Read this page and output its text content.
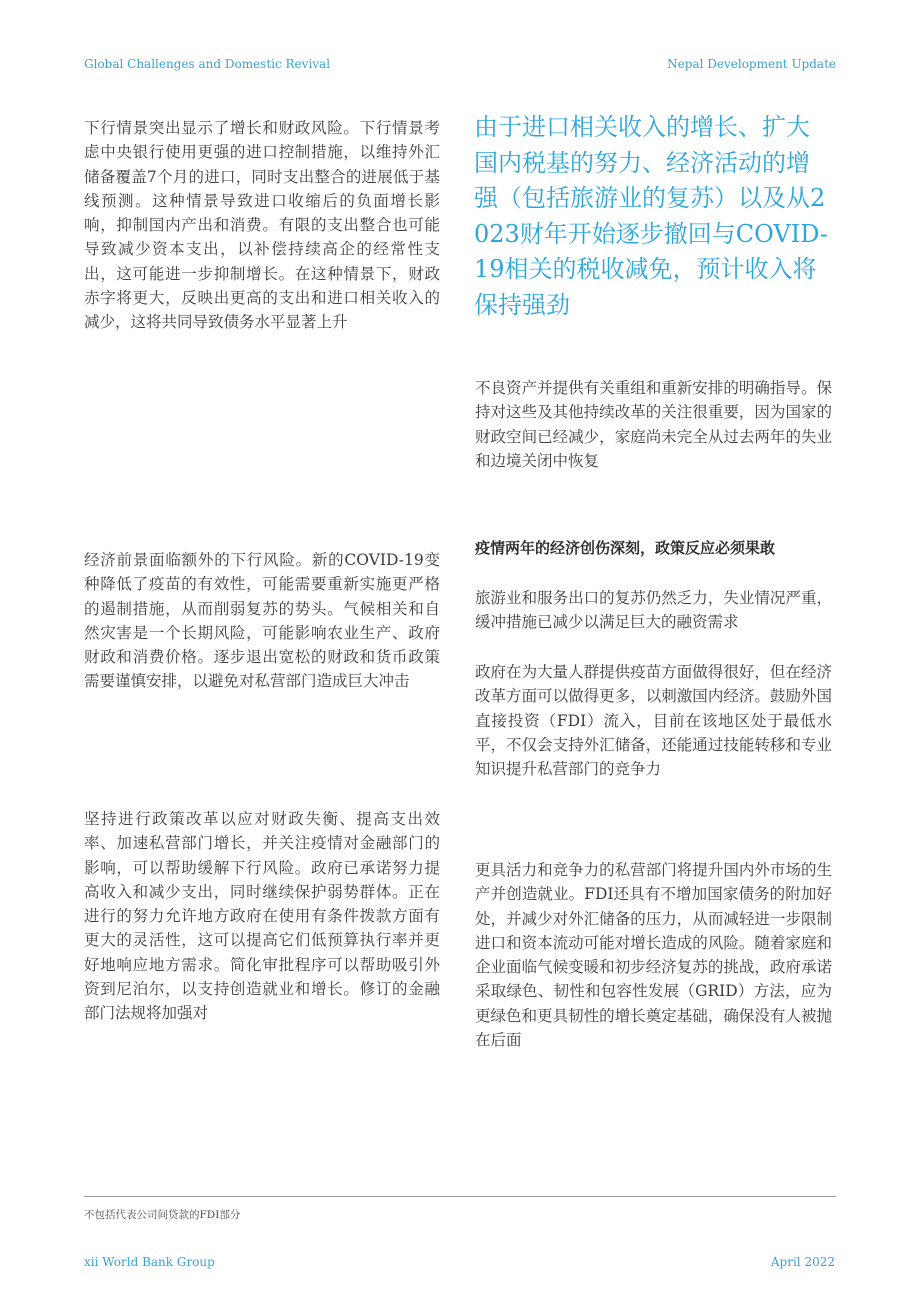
Global Challenges and Domestic Revival	Nepal Development Update

下行情景突出显示了增长和财政风险。下行情景考虑中央银行使用更强的进口控制措施，以维持外汇储备覆盖7个月的进口，同时支出整合的进展低于基线预测。这种情景导致进口收缩后的负面增长影响，抑制国内产出和消费。有限的支出整合也可能导致减少资本支出，以补偿持续高企的经常性支出，这可能进一步抑制增长。在这种情景下，财政赤字将更大，反映出更高的支出和进口相关收入的减少，这将共同导致债务水平显著上升

经济前景面临额外的下行风险。新的COVID-19变种降低了疫苗的有效性，可能需要重新实施更严格的遏制措施，从而削弱复苏的势头。气候相关和自然灾害是一个长期风险，可能影响农业生产、政府财政和消费价格。逐步退出宽松的财政和货币政策需要谨慎安排，以避免对私营部门造成巨大冲击

坚持进行政策改革以应对财政失衡、提高支出效率、加速私营部门增长，并关注疫情对金融部门的影响，可以帮助缓解下行风险。政府已承诺努力提高收入和减少支出，同时继续保护弱势群体。正在进行的努力允许地方政府在使用有条件拨款方面有更大的灵活性，这可以提高它们低预算执行率并更好地响应地方需求。简化审批程序可以帮助吸引外资到尼泊尔，以支持创造就业和增长。修订的金融部门法规将加强对

由于进口相关收入的增长、扩大国内税基的努力、经济活动的增强（包括旅游业的复苏）以及从2023财年开始逐步撤回与COVID-19相关的税收减免，预计收入将保持强劲

不良资产并提供有关重组和重新安排的明确指导。保持对这些及其他持续改革的关注很重要，因为国家的财政空间已经减少，家庭尚未完全从过去两年的失业和边境关闭中恢复

疫情两年的经济创伤深刻，政策反应必须果敢

旅游业和服务出口的复苏仍然乏力，失业情况严重，缓冲措施已减少以满足巨大的融资需求

政府在为大量人群提供疫苗方面做得很好，但在经济改革方面可以做得更多，以刺激国内经济。鼓励外国直接投资（FDI）流入，目前在该地区处于最低水平，不仅会支持外汇储备，还能通过技能转移和专业知识提升私营部门的竞争力

更具活力和竞争力的私营部门将提升国内外市场的生产并创造就业。FDI还具有不增加国家债务的附加好处，并减少对外汇储备的压力，从而减轻进一步限制进口和资本流动可能对增长造成的风险。随着家庭和企业面临气候变暖和初步经济复苏的挑战，政府承诺采取绿色、韧性和包容性发展（GRID）方法，应为更绿色和更具韧性的增长奠定基础，确保没有人被抛在后面

不包括代表公司间贷款的FDI部分
xii World Bank Group	April 2022
